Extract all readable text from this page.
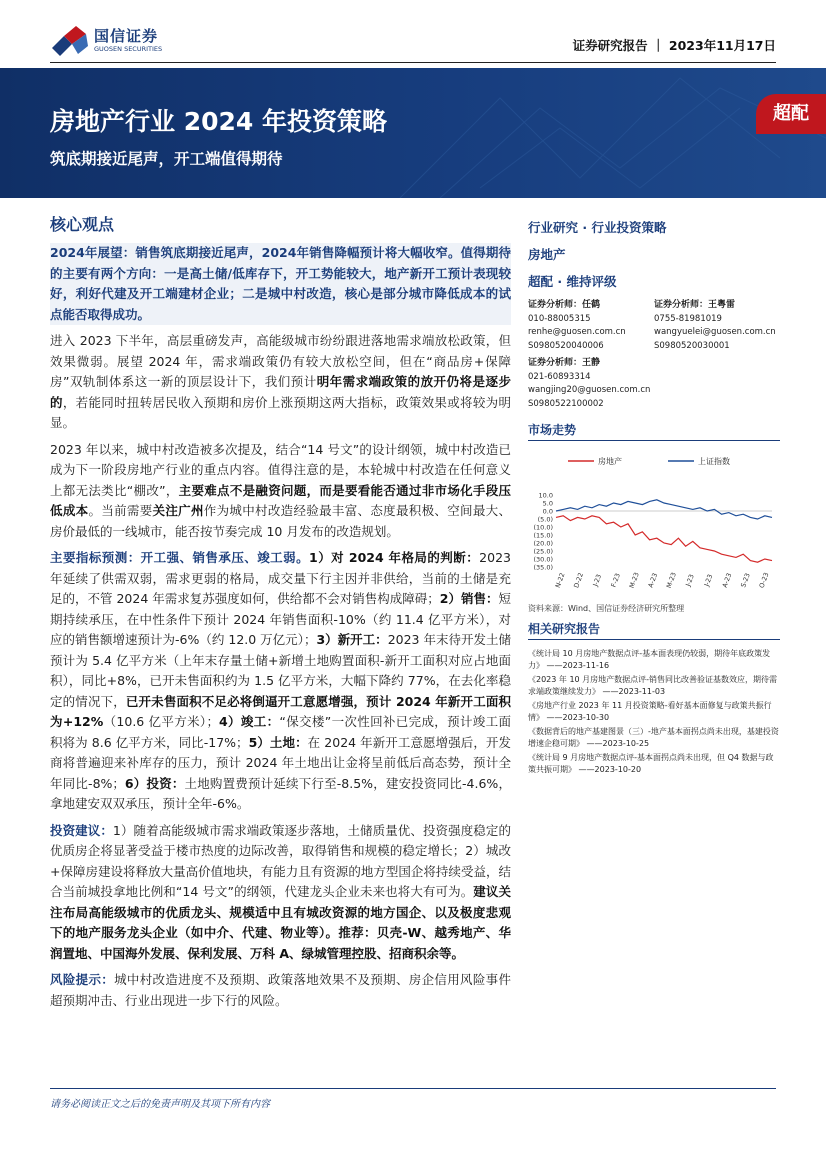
国信证券
GUOSEN SECURITIES	证券研究报告 ｜ 2023年11月17日
房地产行业 2024 年投资策略
筑底期接近尾声，开工端值得期待
超配
核心观点

2024年展望：销售筑底期接近尾声，2024年销售降幅预计将大幅收窄。值得期待的主要有两个方向：一是高土储/低库存下，开工势能较大，地产新开工预计表现较好，利好代建及开工端建材企业；二是城中村改造，核心是部分城市降低成本的试点能否取得成功。

进入 2023 下半年，高层重磅发声，高能级城市纷纷跟进落地需求端放松政策，但效果微弱。展望 2024 年，需求端政策仍有较大放松空间，但在“商品房+保障房”双轨制体系这一新的顶层设计下，我们预计明年需求端政策的放开仍将是逐步的，若能同时扭转居民收入预期和房价上涨预期这两大指标，政策效果或将较为明显。

2023 年以来，城中村改造被多次提及，结合“14 号文”的设计纲领，城中村改造已成为下一阶段房地产行业的重点内容。值得注意的是，本轮城中村改造在任何意义上都无法类比“棚改”，主要难点不是融资问题，而是要看能否通过非市场化手段压低成本。当前需要关注广州作为城中村改造经验最丰富、态度最积极、空间最大、房价最低的一线城市，能否按节奏完成 10 月发布的改造规划。

主要指标预测：开工强、销售承压、竣工弱。1）对 2024 年格局的判断：2023 年延续了供需双弱，需求更弱的格局，成交量下行主因并非供给，当前的土储是充足的，不管 2024 年需求复苏强度如何，供给都不会对销售构成障碍；2）销售：短期持续承压，在中性条件下预计 2024 年销售面积-10%（约 11.4 亿平方米），对应的销售额增速预计为-6%（约 12.0 万亿元）；3）新开工：2023 年末待开发土储预计为 5.4 亿平方米（上年末存量土储+新增土地购置面积-新开工面积对应占地面积），同比+8%，已开未售面积约为 1.5 亿平方米，大幅下降约 77%，在去化率稳定的情况下，已开未售面积不足必将倒逼开工意愿增强，预计 2024 年新开工面积为+12%（10.6 亿平方米）；4）竣工：“保交楼”一次性回补已完成，预计竣工面积将为 8.6 亿平方米，同比-17%；5）土地：在 2024 年新开工意愿增强后，开发商将普遍迎来补库存的压力，预计 2024 年土地出让金将呈前低后高态势，预计全年同比-8%；6）投资：土地购置费预计延续下行至-8.5%，建安投资同比-4.6%，拿地建安双双承压，预计全年-6%。

投资建议：1）随着高能级城市需求端政策逐步落地，土储质量优、投资强度稳定的优质房企将显著受益于楼市热度的边际改善，取得销售和规模的稳定增长；2）城改+保障房建设将释放大量高价值地块，有能力且有资源的地方型国企将持续受益，结合当前城投拿地比例和“14 号文”的纲领，代建龙头企业未来也将大有可为。建议关注布局高能级城市的优质龙头、规模适中且有城改资源的地方国企、以及极度悲观下的地产服务龙头企业（如中介、代建、物业等）。推荐：贝壳-W、越秀地产、华润置地、中国海外发展、保利发展、万科 A、绿城管理控股、招商积余等。

风险提示：城中村改造进度不及预期、政策落地效果不及预期、房企信用风险事件超预期冲击、行业出现进一步下行的风险。

行业研究 · 行业投资策略
房地产
超配 · 维持评级
证券分析师：任鹤
010-88005315
renhe@guosen.com.cn
S0980520040006
证券分析师：王粤雷
0755-81981019
wangyuelei@guosen.com.cn
S0980520030001
证券分析师：王静
021-60893314
wangjing20@guosen.com.cn
S0980522100002
市场走势
房地产	上证指数
10.0
5.0
0.0
(5.0)
(10.0)
(15.0)
(20.0)
(25.0)
(30.0)
(35.0)
N-22 D-22 J-23 F-23 M-23 A-23 M-23 J-23 J-23 A-23 S-23 O-23
资料来源：Wind、国信证券经济研究所整理
相关研究报告
《统计局 10 月房地产数据点评-基本面表现仍较弱，期待年底政策发力》 ——2023-11-16
《2023 年 10 月房地产数据点评-销售同比改善验证基数效应，期待需求端政策继续发力》 ——2023-11-03
《房地产行业 2023 年 11 月投资策略-看好基本面修复与政策共振行情》 ——2023-10-30
《数据背后的地产基建图景（三）-地产基本面拐点尚未出现，基建投资增速企稳可期》 ——2023-10-25
《统计局 9 月房地产数据点评-基本面拐点尚未出现，但 Q4 数据与政策共振可期》 ——2023-10-20
请务必阅读正文之后的免责声明及其项下所有内容
